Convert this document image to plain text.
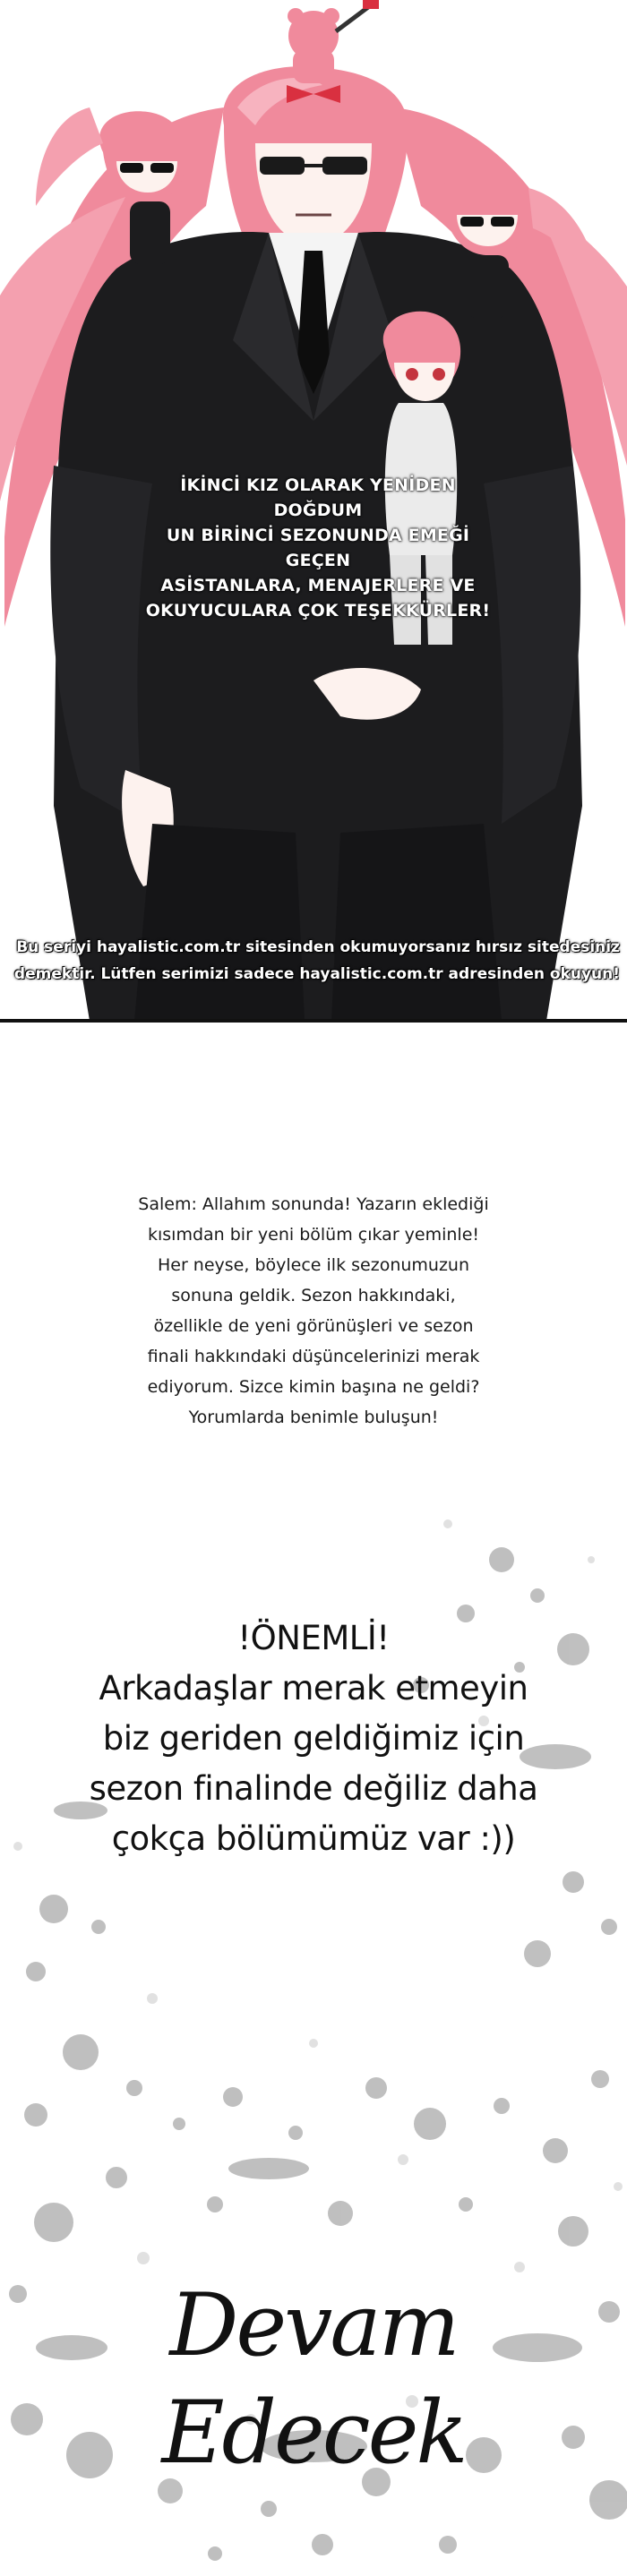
İKİNCİ KIZ OLARAK YENİDEN DOĞDUM
UN BİRİNCİ SEZONUNDA EMEĞİ GEÇEN
ASİSTANLARA, MENAJERLERE VE
OKUYUCULARA ÇOK TEŞEKKÜRLER!
Bu seriyi hayalistic.com.tr sitesinden okumuyorsanız hırsız sitedesiniz
demektir. Lütfen serimizi sadece hayalistic.com.tr adresinden okuyun!
Salem: Allahım sonunda! Yazarın eklediği
kısımdan bir yeni bölüm çıkar yeminle!
Her neyse, böylece ilk sezonumuzun
sonuna geldik. Sezon hakkındaki,
özellikle de yeni görünüşleri ve sezon
finali hakkındaki düşüncelerinizi merak
ediyorum. Sizce kimin başına ne geldi?
Yorumlarda benimle buluşun!
!ÖNEMLİ!
Arkadaşlar merak etmeyin
biz geriden geldiğimiz için
sezon finalinde değiliz daha
çokça bölümümüz var :))
Devam Edecek
